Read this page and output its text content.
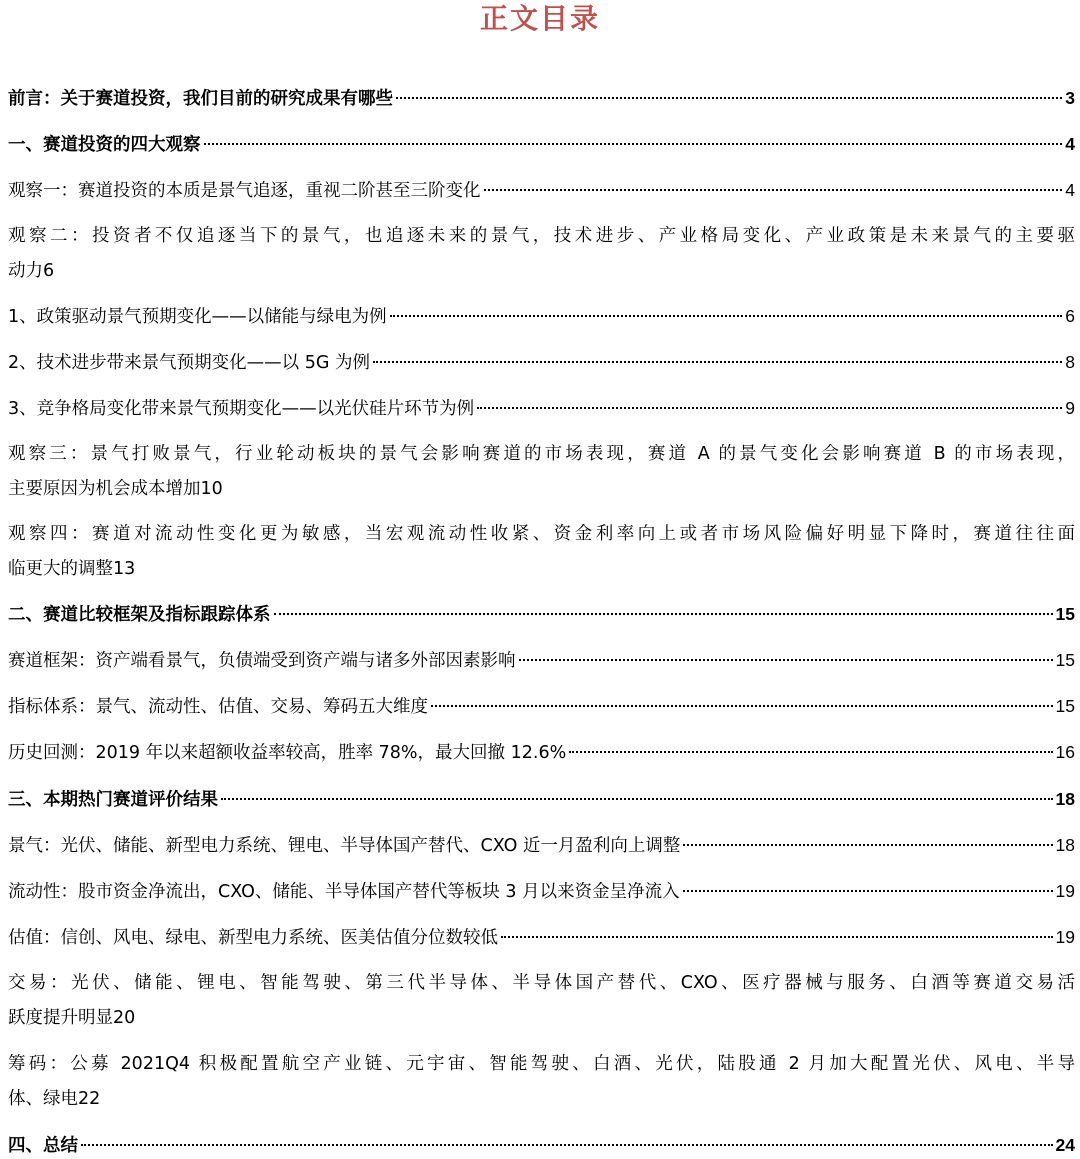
正文目录
前言：关于赛道投资，我们目前的研究成果有哪些	3
一、赛道投资的四大观察	4
观察一：赛道投资的本质是景气追逐，重视二阶甚至三阶变化	4
观察二：投资者不仅追逐当下的景气，也追逐未来的景气，技术进步、产业格局变化、产业政策是未来景气的主要驱
动力 6
1、政策驱动景气预期变化——以储能与绿电为例	6
2、技术进步带来景气预期变化——以 5G 为例	8
3、竞争格局变化带来景气预期变化——以光伏硅片环节为例	9
观察三：景气打败景气，行业轮动板块的景气会影响赛道的市场表现，赛道 A 的景气变化会影响赛道 B 的市场表现，
主要原因为机会成本增加 10
观察四：赛道对流动性变化更为敏感，当宏观流动性收紧、资金利率向上或者市场风险偏好明显下降时，赛道往往面
临更大的调整 13
二、赛道比较框架及指标跟踪体系	15
赛道框架：资产端看景气，负债端受到资产端与诸多外部因素影响	15
指标体系：景气、流动性、估值、交易、筹码五大维度	15
历史回测：2019 年以来超额收益率较高，胜率 78%，最大回撤 12.6%	16
三、本期热门赛道评价结果	18
景气：光伏、储能、新型电力系统、锂电、半导体国产替代、CXO 近一月盈利向上调整	18
流动性：股市资金净流出，CXO、储能、半导体国产替代等板块 3 月以来资金呈净流入	19
估值：信创、风电、绿电、新型电力系统、医美估值分位数较低	19
交易：光伏、储能、锂电、智能驾驶、第三代半导体、半导体国产替代、CXO、医疗器械与服务、白酒等赛道交易活
跃度提升明显 20
筹码：公募 2021Q4 积极配置航空产业链、元宇宙、智能驾驶、白酒、光伏，陆股通 2 月加大配置光伏、风电、半导
体、绿电 22
四、总结	24
